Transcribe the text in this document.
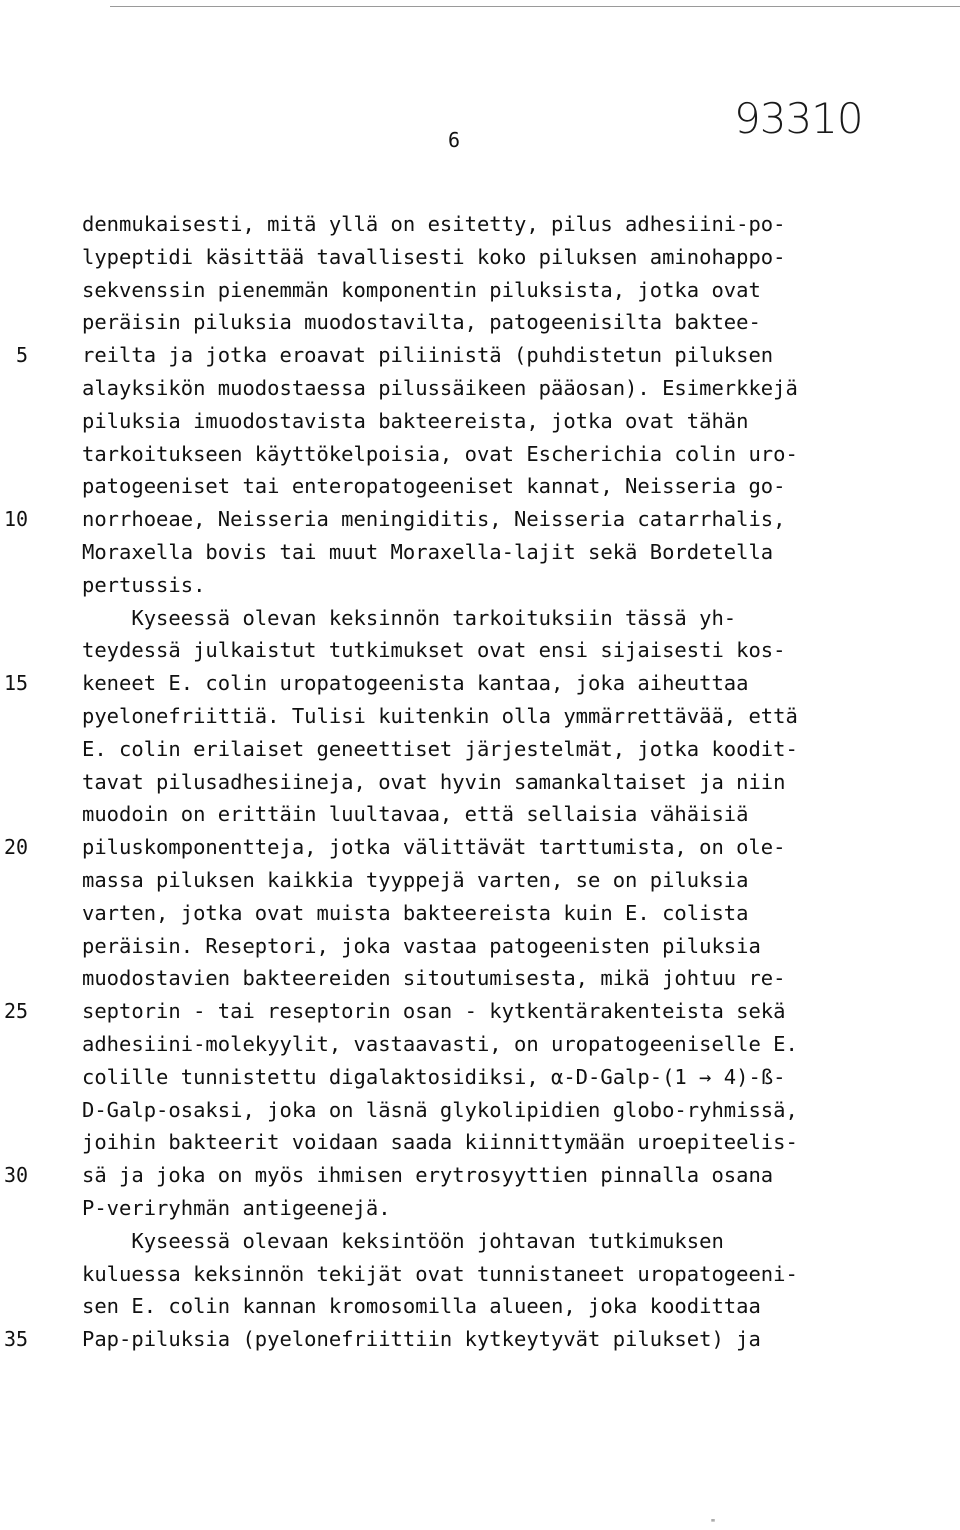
6	93310
denmukaisesti, mitä yllä on esitetty, pilus adhesiini-po-
lypeptidi käsittää tavallisesti koko piluksen aminohappo-
sekvenssin pienemmän komponentin piluksista, jotka ovat
peräisin piluksia muodostavilta, patogeenisilta baktee-
reilta ja jotka eroavat piliinistä (puhdistetun piluksen
alayksikön muodostaessa pilussäikeen pääosan). Esimerkkejä
piluksia imuodostavista bakteereista, jotka ovat tähän
tarkoitukseen käyttökelpoisia, ovat Escherichia colin uro-
patogeeniset tai enteropatogeeniset kannat, Neisseria go-
norrhoeae, Neisseria meningiditis, Neisseria catarrhalis,
Moraxella bovis tai muut Moraxella-lajit sekä Bordetella
pertussis.
Kyseessä olevan keksinnön tarkoituksiin tässä yh-
teydessä julkaistut tutkimukset ovat ensi sijaisesti kos-
keneet E. colin uropatogeenista kantaa, joka aiheuttaa
pyelonefriittiä. Tulisi kuitenkin olla ymmärrettävää, että
E. colin erilaiset geneettiset järjestelmät, jotka koodit-
tavat pilusadhesiineja, ovat hyvin samankaltaiset ja niin
muodoin on erittäin luultavaa, että sellaisia vähäisiä
piluskomponentteja, jotka välittävät tarttumista, on ole-
massa piluksen kaikkia tyyppejä varten, se on piluksia
varten, jotka ovat muista bakteereista kuin E. colista
peräisin. Reseptori, joka vastaa patogeenisten piluksia
muodostavien bakteereiden sitoutumisesta, mikä johtuu re-
septorin - tai reseptorin osan - kytkentärakenteista sekä
adhesiini-molekyylit, vastaavasti, on uropatogeeniselle E.
colille tunnistettu digalaktosidiksi, α-D-Galp-(1 → 4)-ß-
D-Galp-osaksi, joka on läsnä glykolipidien globo-ryhmissä,
joihin bakteerit voidaan saada kiinnittymään uroepiteelis-
sä ja joka on myös ihmisen erytrosyyttien pinnalla osana
P-veriryhmän antigeenejä.
Kyseessä olevaan keksintöön johtavan tutkimuksen
kuluessa keksinnön tekijät ovat tunnistaneet uropatogeeni-
sen E. colin kannan kromosomilla alueen, joka koodittaa
Pap-piluksia (pyelonefriittiin kytkeytyvät pilukset) ja
5
10
15
20
25
30
35
"
